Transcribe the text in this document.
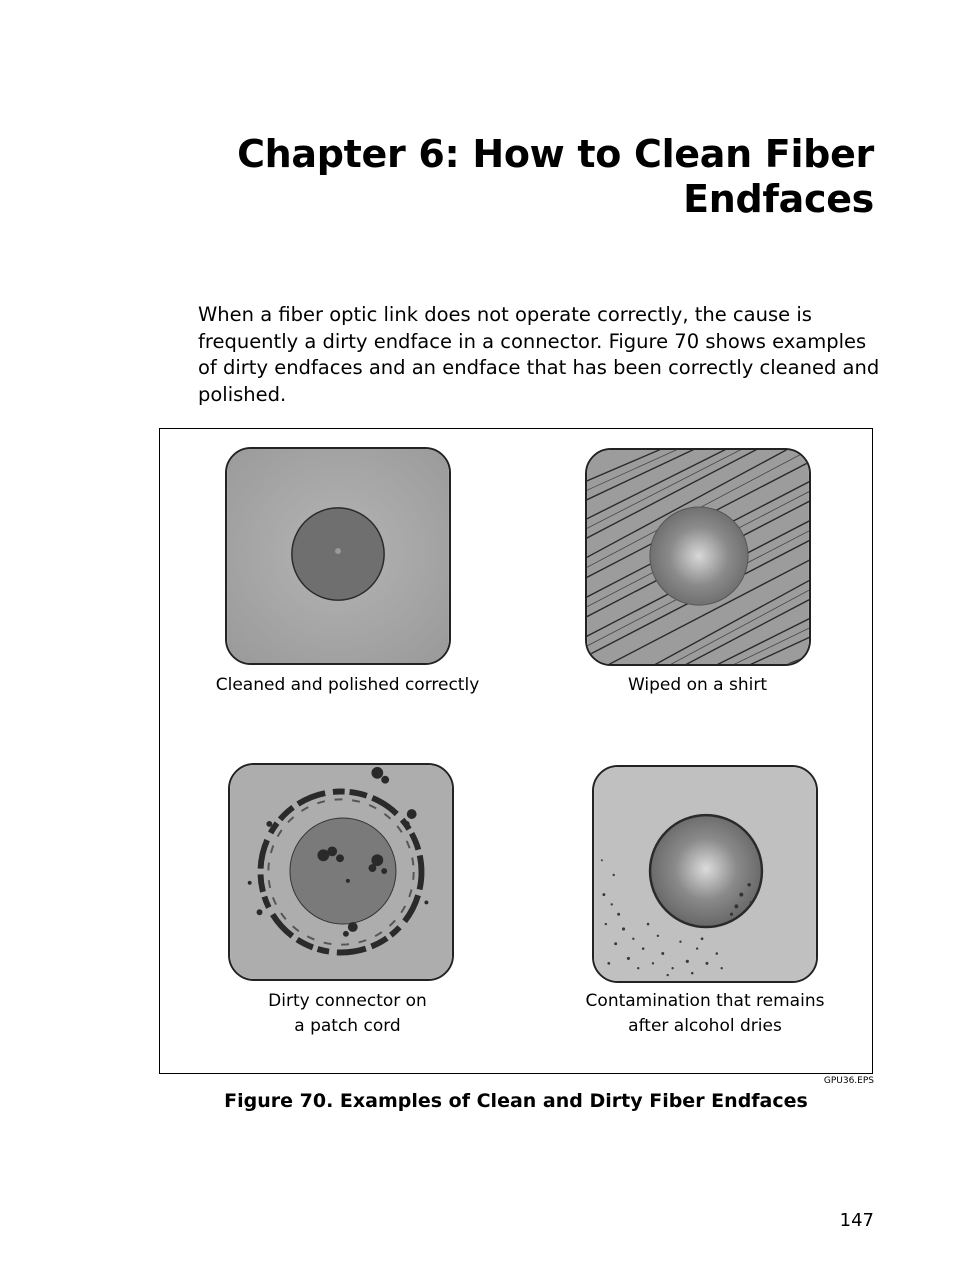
Chapter 6: How to Clean Fiber
Endfaces
When a fiber optic link does not operate correctly, the cause is frequently a dirty endface in a connector. Figure 70 shows examples of dirty endfaces and an endface that has been correctly cleaned and polished.
Cleaned and polished correctly	Wiped on a shirt
Dirty connector on
a patch cord
Contamination that remains
after alcohol dries
GPU36.EPS
Figure 70. Examples of Clean and Dirty Fiber Endfaces
147
